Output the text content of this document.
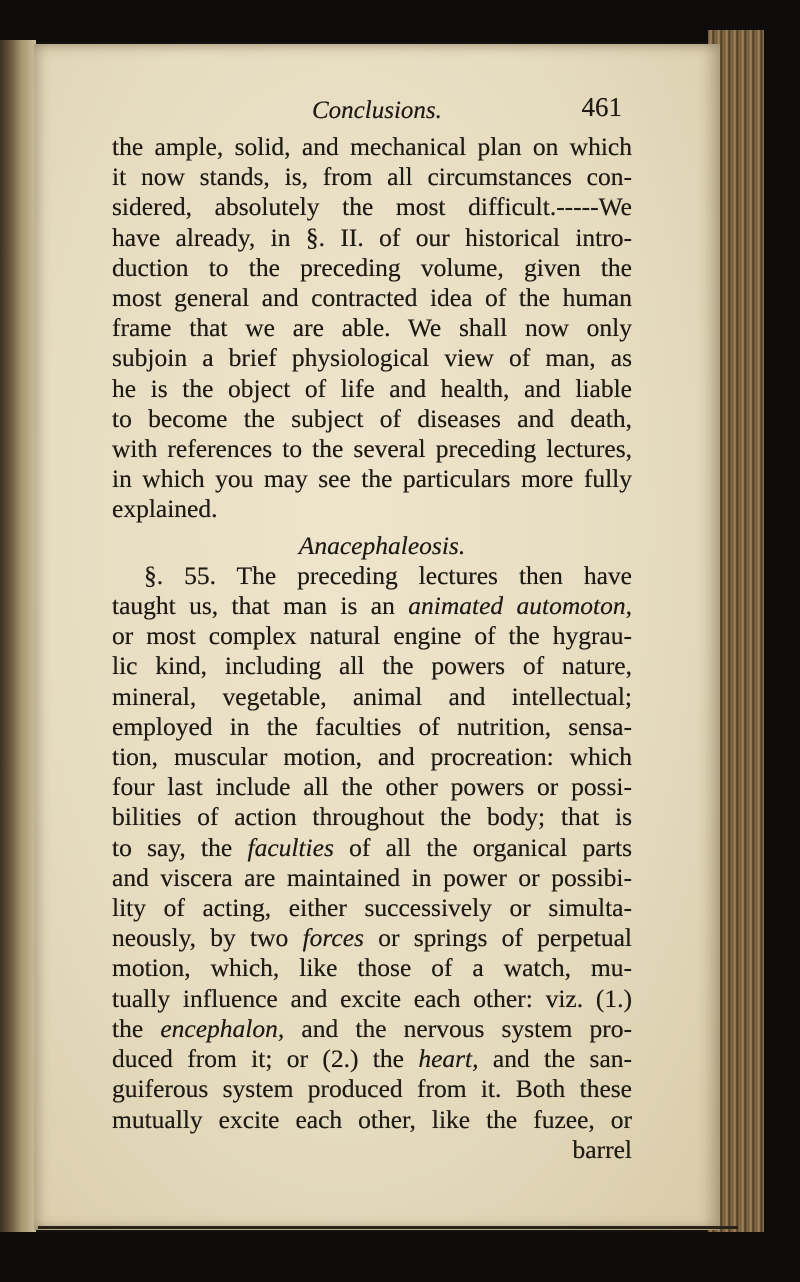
Conclusions.	461
the ample, solid, and mechanical plan on which
it now stands, is, from all circumstances con-
sidered, absolutely the most difficult.-----We
have already, in §. II. of our historical intro-
duction to the preceding volume, given the
most general and contracted idea of the human
frame that we are able. We shall now only
subjoin a brief physiological view of man, as
he is the object of life and health, and liable
to become the subject of diseases and death,
with references to the several preceding lectures,
in which you may see the particulars more fully
explained.
Anacephaleosis.
§. 55. The preceding lectures then have
taught us, that man is an animated automoton,
or most complex natural engine of the hygrau-
lic kind, including all the powers of nature,
mineral, vegetable, animal and intellectual;
employed in the faculties of nutrition, sensa-
tion, muscular motion, and procreation: which
four last include all the other powers or possi-
bilities of action throughout the body; that is
to say, the faculties of all the organical parts
and viscera are maintained in power or possibi-
lity of acting, either successively or simulta-
neously, by two forces or springs of perpetual
motion, which, like those of a watch, mu-
tually influence and excite each other: viz. (1.)
the encephalon, and the nervous system pro-
duced from it; or (2.) the heart, and the san-
guiferous system produced from it. Both these
mutually excite each other, like the fuzee, or
barrel
